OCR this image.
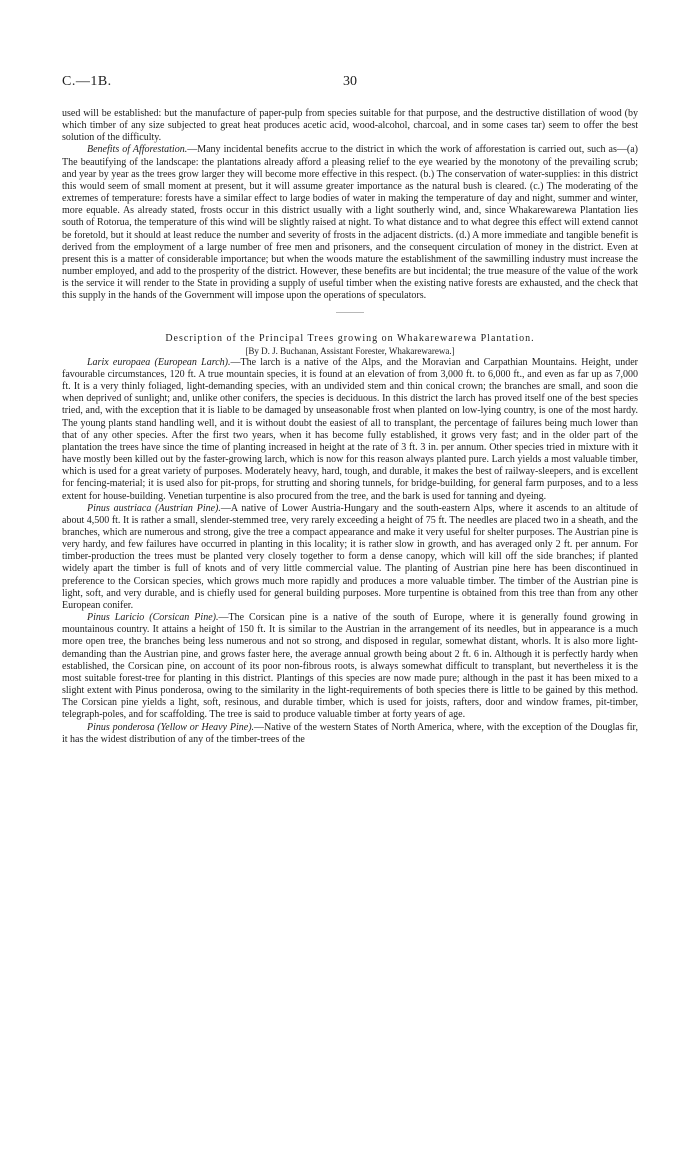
C.—1B.	30

used will be established: but the manufacture of paper-pulp from species suitable for that purpose, and the destructive distillation of wood (by which timber of any size subjected to great heat produces acetic acid, wood-alcohol, charcoal, and in some cases tar) seem to offer the best solution of the difficulty.

Benefits of Afforestation.—Many incidental benefits accrue to the district in which the work of afforestation is carried out, such as—(a) The beautifying of the landscape: the plantations already afford a pleasing relief to the eye wearied by the monotony of the prevailing scrub; and year by year as the trees grow larger they will become more effective in this respect. (b.) The conservation of water-supplies: in this district this would seem of small moment at present, but it will assume greater importance as the natural bush is cleared. (c.) The moderating of the extremes of temperature: forests have a similar effect to large bodies of water in making the temperature of day and night, summer and winter, more equable. As already stated, frosts occur in this district usually with a light southerly wind, and, since Whakarewarewa Plantation lies south of Rotorua, the temperature of this wind will be slightly raised at night. To what distance and to what degree this effect will extend cannot be foretold, but it should at least reduce the number and severity of frosts in the adjacent districts. (d.) A more immediate and tangible benefit is derived from the employment of a large number of free men and prisoners, and the consequent circulation of money in the district. Even at present this is a matter of considerable importance; but when the woods mature the establishment of the sawmilling industry must increase the number employed, and add to the prosperity of the district. However, these benefits are but incidental; the true measure of the value of the work is the service it will render to the State in providing a supply of useful timber when the existing native forests are exhausted, and the check that this supply in the hands of the Government will impose upon the operations of speculators.

Description of the Principal Trees growing on Whakarewarewa Plantation.

[By D. J. Buchanan, Assistant Forester, Whakarewarewa.]

Larix europaea (European Larch).—The larch is a native of the Alps, and the Moravian and Carpathian Mountains. Height, under favourable circumstances, 120 ft. A true mountain species, it is found at an elevation of from 3,000 ft. to 6,000 ft., and even as far up as 7,000 ft. It is a very thinly foliaged, light-demanding species, with an undivided stem and thin conical crown; the branches are small, and soon die when deprived of sunlight; and, unlike other conifers, the species is deciduous. In this district the larch has proved itself one of the best species tried, and, with the exception that it is liable to be damaged by unseasonable frost when planted on low-lying country, is one of the most hardy. The young plants stand handling well, and it is without doubt the easiest of all to transplant, the percentage of failures being much lower than that of any other species. After the first two years, when it has become fully established, it grows very fast; and in the older part of the plantation the trees have since the time of planting increased in height at the rate of 3 ft. 3 in. per annum. Other species tried in mixture with it have mostly been killed out by the faster-growing larch, which is now for this reason always planted pure. Larch yields a most valuable timber, which is used for a great variety of purposes. Moderately heavy, hard, tough, and durable, it makes the best of railway-sleepers, and is excellent for fencing-material; it is used also for pit-props, for strutting and shoring tunnels, for bridge-building, for general farm purposes, and to a less extent for house-building. Venetian turpentine is also procured from the tree, and the bark is used for tanning and dyeing.

Pinus austriaca (Austrian Pine).—A native of Lower Austria-Hungary and the south-eastern Alps, where it ascends to an altitude of about 4,500 ft. It is rather a small, slender-stemmed tree, very rarely exceeding a height of 75 ft. The needles are placed two in a sheath, and the branches, which are numerous and strong, give the tree a compact appearance and make it very useful for shelter purposes. The Austrian pine is very hardy, and few failures have occurred in planting in this locality; it is rather slow in growth, and has averaged only 2 ft. per annum. For timber-production the trees must be planted very closely together to form a dense canopy, which will kill off the side branches; if planted widely apart the timber is full of knots and of very little commercial value. The planting of Austrian pine here has been discontinued in preference to the Corsican species, which grows much more rapidly and produces a more valuable timber. The timber of the Austrian pine is light, soft, and very durable, and is chiefly used for general building purposes. More turpentine is obtained from this tree than from any other European conifer.

Pinus Laricio (Corsican Pine).—The Corsican pine is a native of the south of Europe, where it is generally found growing in mountainous country. It attains a height of 150 ft. It is similar to the Austrian in the arrangement of its needles, but in appearance is a much more open tree, the branches being less numerous and not so strong, and disposed in regular, somewhat distant, whorls. It is also more light-demanding than the Austrian pine, and grows faster here, the average annual growth being about 2 ft. 6 in. Although it is perfectly hardy when established, the Corsican pine, on account of its poor non-fibrous roots, is always somewhat difficult to transplant, but nevertheless it is the most suitable forest-tree for planting in this district. Plantings of this species are now made pure; although in the past it has been mixed to a slight extent with Pinus ponderosa, owing to the similarity in the light-requirements of both species there is little to be gained by this method. The Corsican pine yields a light, soft, resinous, and durable timber, which is used for joists, rafters, door and window frames, pit-timber, telegraph-poles, and for scaffolding. The tree is said to produce valuable timber at forty years of age.

Pinus ponderosa (Yellow or Heavy Pine).—Native of the western States of North America, where, with the exception of the Douglas fir, it has the widest distribution of any of the timber-trees of the
